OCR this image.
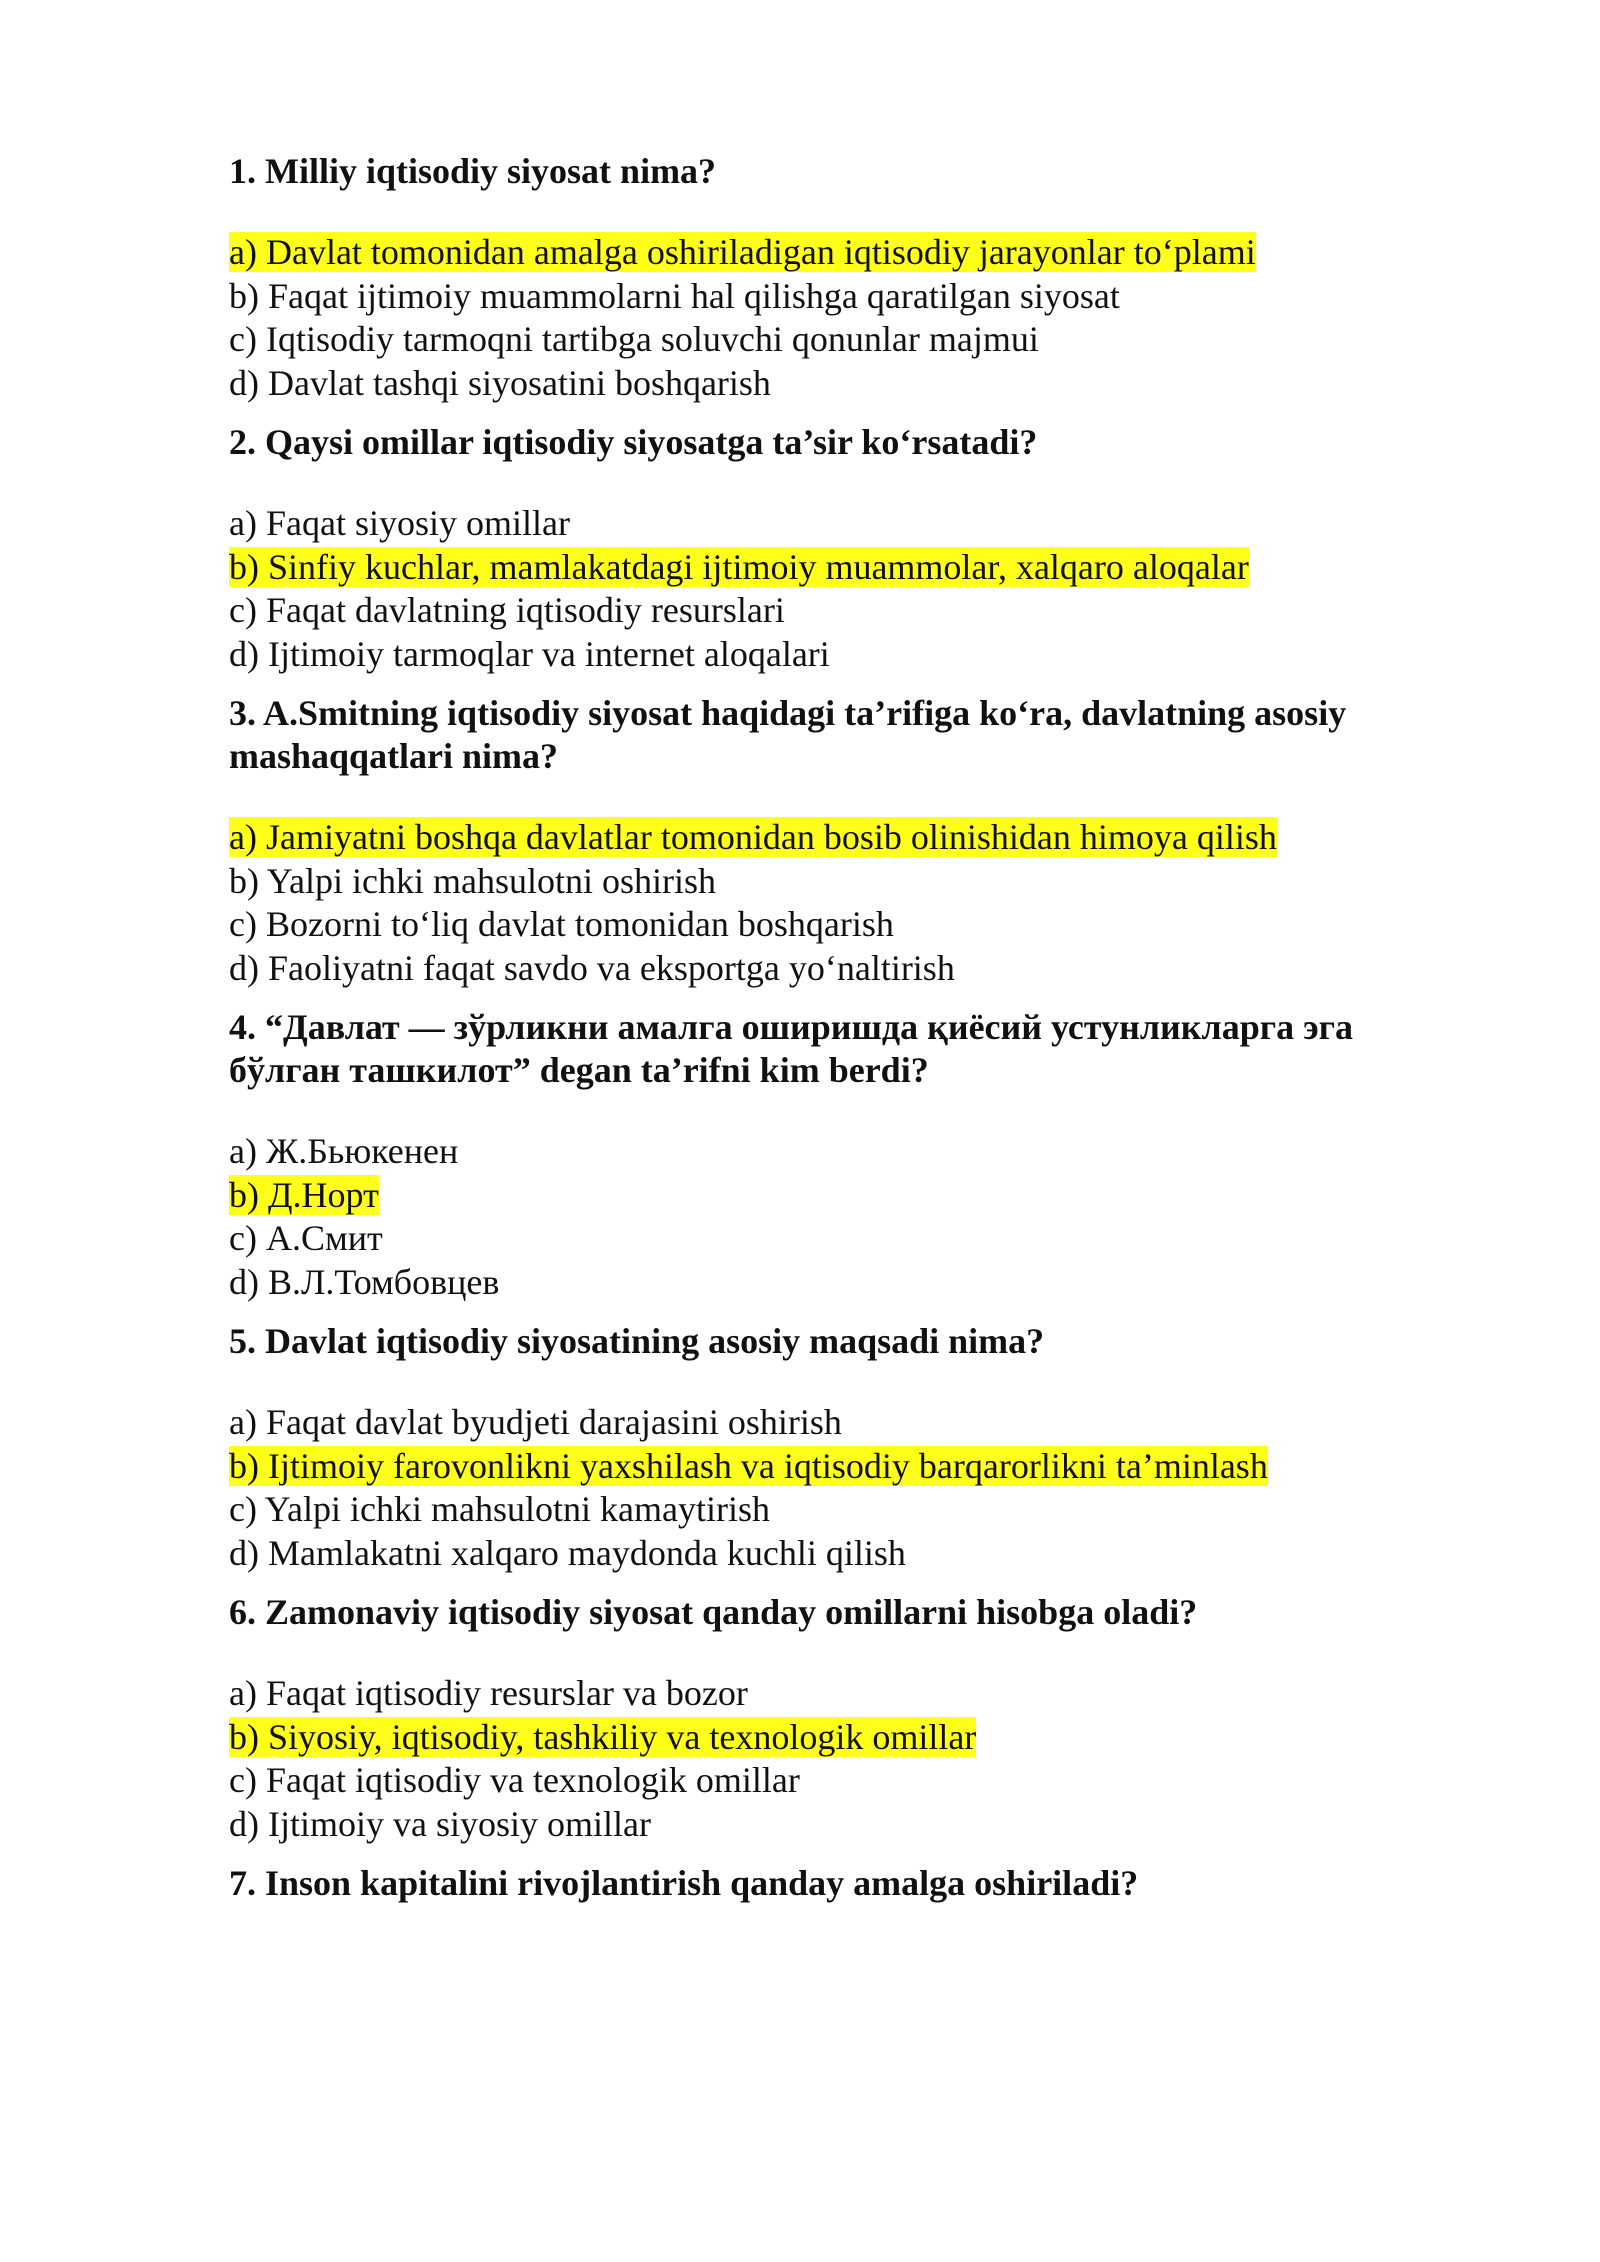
1. Milliy iqtisodiy siyosat nima?
a) Davlat tomonidan amalga oshiriladigan iqtisodiy jarayonlar to‘plami
b) Faqat ijtimoiy muammolarni hal qilishga qaratilgan siyosat
c) Iqtisodiy tarmoqni tartibga soluvchi qonunlar majmui
d) Davlat tashqi siyosatini boshqarish
2. Qaysi omillar iqtisodiy siyosatga ta’sir ko‘rsatadi?
a) Faqat siyosiy omillar
b) Sinfiy kuchlar, mamlakatdagi ijtimoiy muammolar, xalqaro aloqalar
c) Faqat davlatning iqtisodiy resurslari
d) Ijtimoiy tarmoqlar va internet aloqalari
3. A.Smitning iqtisodiy siyosat haqidagi ta’rifiga ko‘ra, davlatning asosiy mashaqqatlari nima?
a) Jamiyatni boshqa davlatlar tomonidan bosib olinishidan himoya qilish
b) Yalpi ichki mahsulotni oshirish
c) Bozorni to‘liq davlat tomonidan boshqarish
d) Faoliyatni faqat savdo va eksportga yo‘naltirish
4. “Давлат — зўрликни амалга оширишда қиёсий устунликларга эга бўлган ташкилот” degan ta’rifni kim berdi?
a) Ж.Бьюкенен
b) Д.Норт
c) А.Смит
d) В.Л.Томбовцев
5. Davlat iqtisodiy siyosatining asosiy maqsadi nima?
a) Faqat davlat byudjeti darajasini oshirish
b) Ijtimoiy farovonlikni yaxshilash va iqtisodiy barqarorlikni ta’minlash
c) Yalpi ichki mahsulotni kamaytirish
d) Mamlakatni xalqaro maydonda kuchli qilish
6. Zamonaviy iqtisodiy siyosat qanday omillarni hisobga oladi?
a) Faqat iqtisodiy resurslar va bozor
b) Siyosiy, iqtisodiy, tashkiliy va texnologik omillar
c) Faqat iqtisodiy va texnologik omillar
d) Ijtimoiy va siyosiy omillar
7. Inson kapitalini rivojlantirish qanday amalga oshiriladi?
